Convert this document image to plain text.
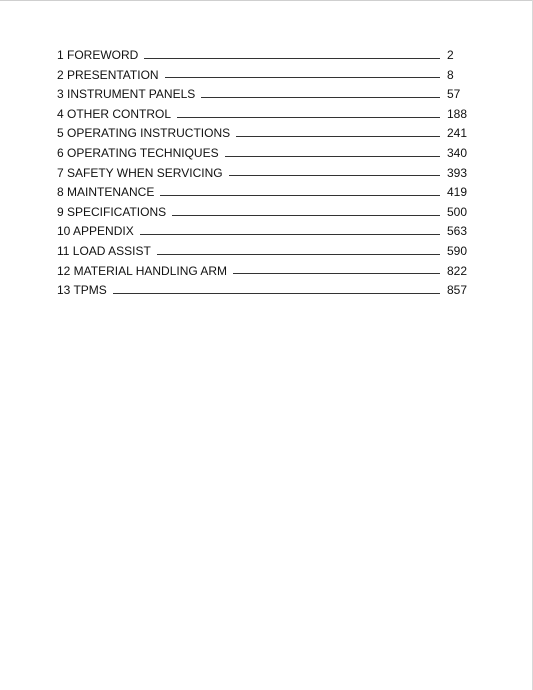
1 FOREWORD	2
2 PRESENTATION	8
3 INSTRUMENT PANELS	57
4 OTHER CONTROL	188
5 OPERATING INSTRUCTIONS	241
6 OPERATING TECHNIQUES	340
7 SAFETY WHEN SERVICING	393
8 MAINTENANCE	419
9 SPECIFICATIONS	500
10 APPENDIX	563
11 LOAD ASSIST	590
12 MATERIAL HANDLING ARM	822
13 TPMS	857
